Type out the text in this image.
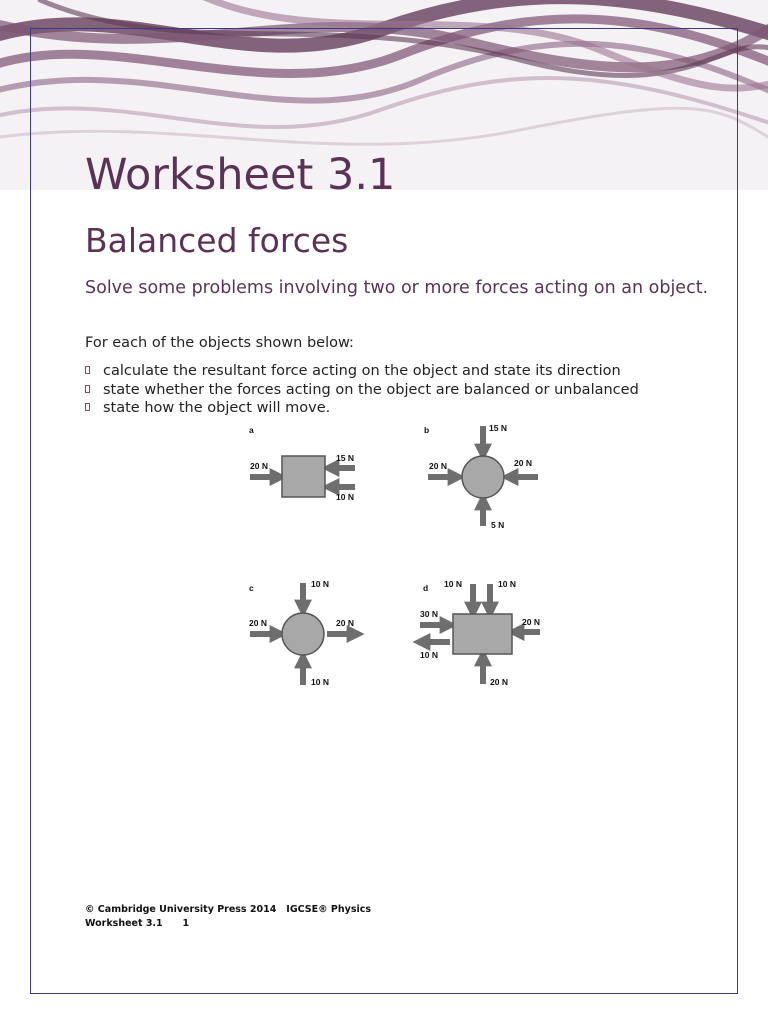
Worksheet 3.1
Balanced forces

Solve some problems involving two or more forces acting on an object.

For each of the objects shown below:

calculate the resultant force acting on the object and state its direction
state whether the forces acting on the object are balanced or unbalanced
state how the object will move.
a
20 N
15 N
10 N
b	15 N
20 N	20 N
5 N
c	10 N
20 N	20 N
10 N
d 10 N	10 N
30 N
10 N
20 N
20 N
© Cambridge University Press 2014 IGCSE® Physics
Worksheet 3.1 1
